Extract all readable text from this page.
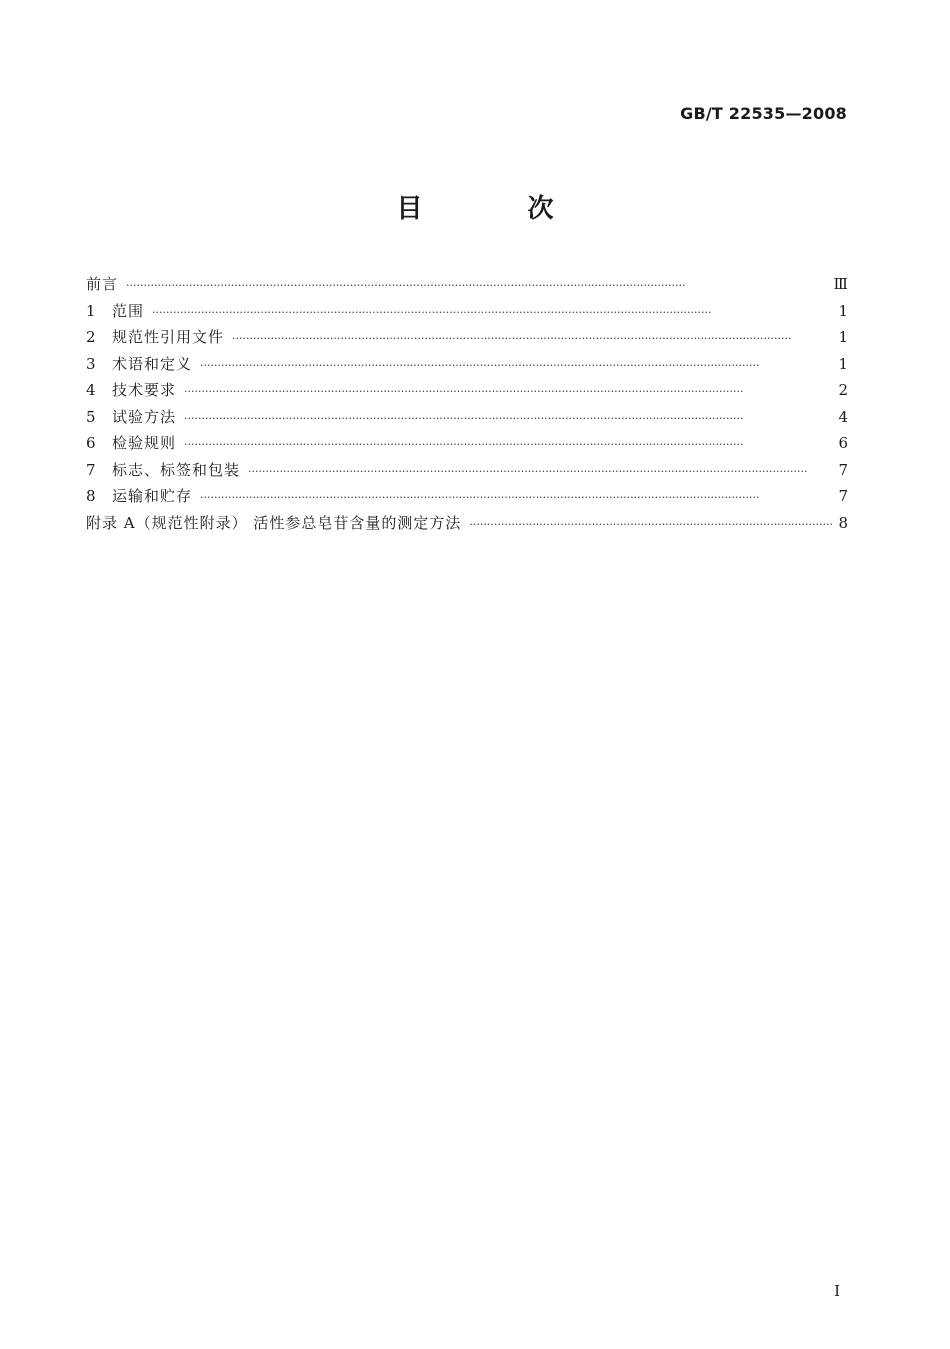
GB/T 22535—2008
目 次
前言 ·····	Ⅲ
1	范围 ·····	1
2	规范性引用文件 ·····	1
3	术语和定义 ·····	1
4	技术要求 ·····	2
5	试验方法 ·····	4
6	检验规则 ·····	6
7	标志、标签和包装 ·····	7
8	运输和贮存 ·····	7
附录 A（规范性附录） 活性参总皂苷含量的测定方法 ·····	8
I
